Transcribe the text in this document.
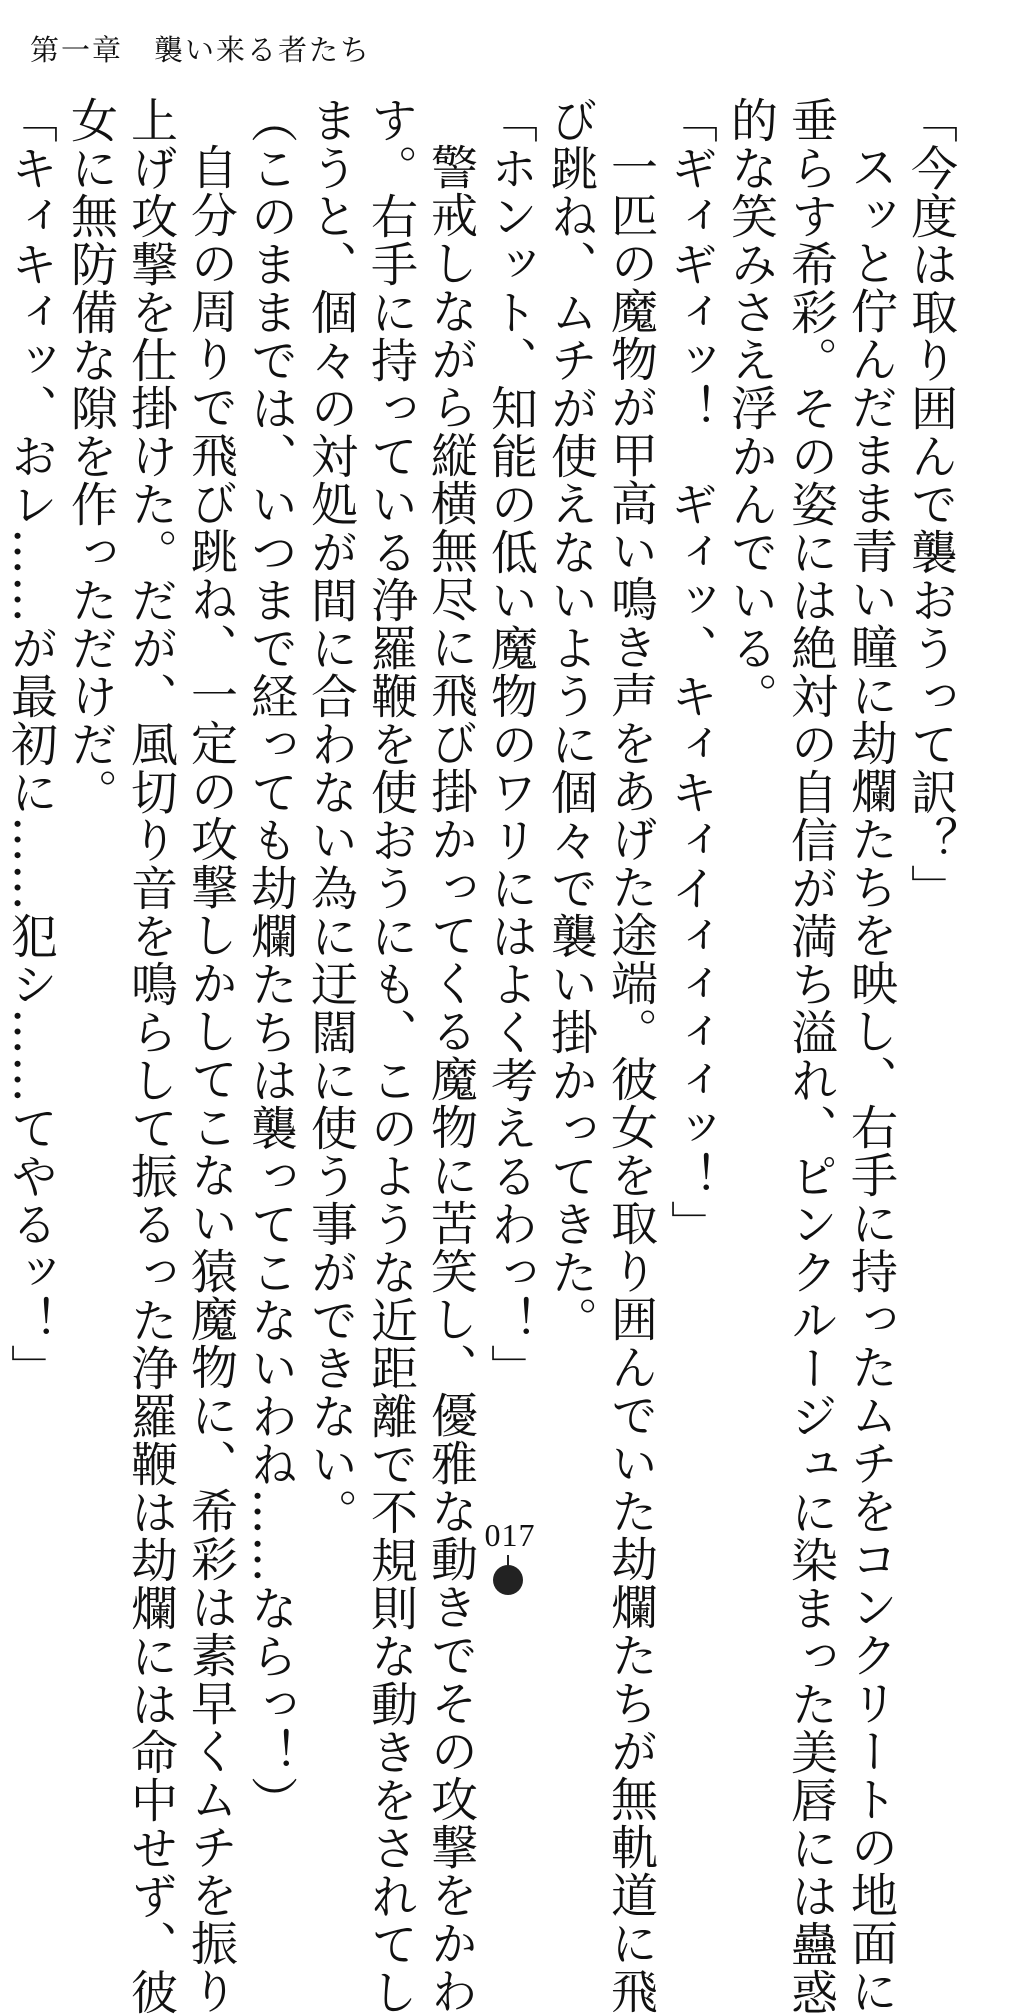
第一章　襲い来る者たち

「今度は取り囲んで襲おうって訳？」

スッと佇んだまま青い瞳に劫爛たちを映し、右手に持ったムチをコンクリートの地面に

垂らす希彩。その姿には絶対の自信が満ち溢れ、ピンクルージュに染まった美唇には蠱惑

的な笑みさえ浮かんでいる。

「ギィギィッ！　ギィッ、キィキィイィィィィッ！」

一匹の魔物が甲高い鳴き声をあげた途端。彼女を取り囲んでいた劫爛たちが無軌道に飛

び跳ね、ムチが使えないように個々で襲い掛かってきた。

「ホンット、知能の低い魔物のワリにはよく考えるわっ！」

警戒しながら縦横無尽に飛び掛かってくる魔物に苦笑し、優雅な動きでその攻撃をかわ

す。右手に持っている浄羅鞭を使おうにも、このような近距離で不規則な動きをされてし

まうと、個々の対処が間に合わない為に迂闊に使う事ができない。

（このままでは、いつまで経っても劫爛たちは襲ってこないわね……ならっ！）

自分の周りで飛び跳ね、一定の攻撃しかしてこない猿魔物に、希彩は素早くムチを振り

上げ攻撃を仕掛けた。だが、風切り音を鳴らして振るった浄羅鞭は劫爛には命中せず、彼

女に無防備な隙を作っただけだ。

「キィキィッ、おレ……が最初に……犯シ……てやるッ！」

017
